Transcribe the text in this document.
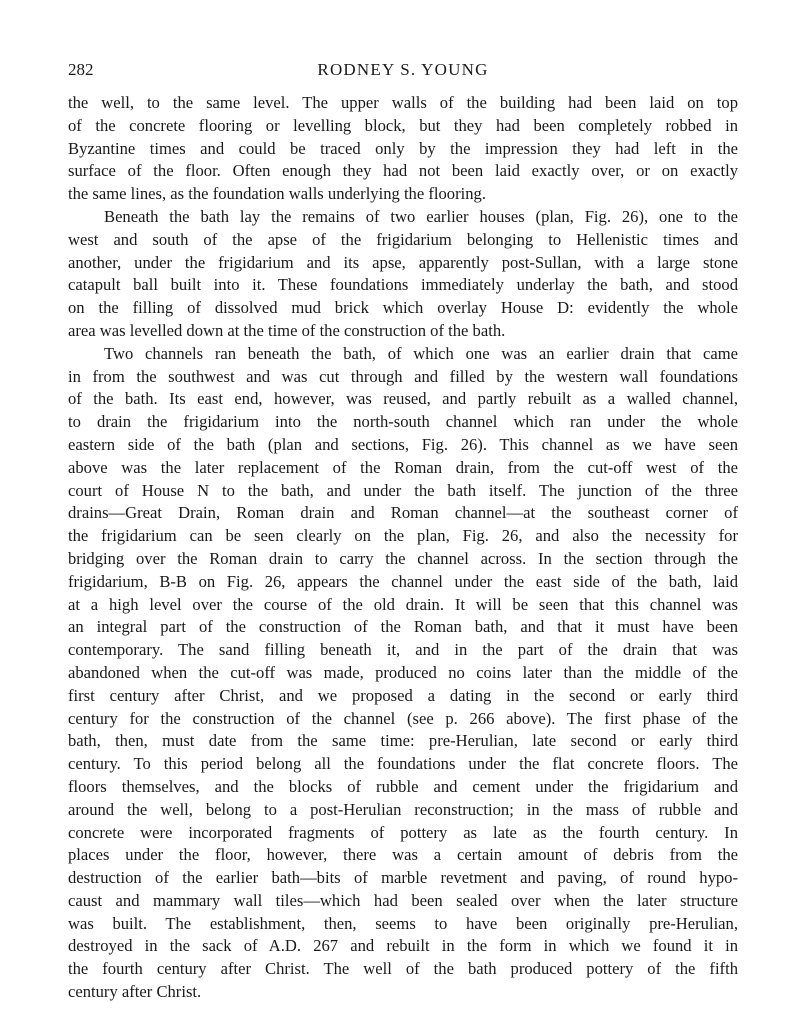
282	RODNEY S. YOUNG
the well, to the same level. The upper walls of the building had been laid on top
of the concrete flooring or levelling block, but they had been completely robbed in
Byzantine times and could be traced only by the impression they had left in the
surface of the floor. Often enough they had not been laid exactly over, or on exactly
the same lines, as the foundation walls underlying the flooring.
Beneath the bath lay the remains of two earlier houses (plan, Fig. 26), one to the
west and south of the apse of the frigidarium belonging to Hellenistic times and
another, under the frigidarium and its apse, apparently post-Sullan, with a large stone
catapult ball built into it. These foundations immediately underlay the bath, and stood
on the filling of dissolved mud brick which overlay House D: evidently the whole
area was levelled down at the time of the construction of the bath.
Two channels ran beneath the bath, of which one was an earlier drain that came
in from the southwest and was cut through and filled by the western wall foundations
of the bath. Its east end, however, was reused, and partly rebuilt as a walled channel,
to drain the frigidarium into the north-south channel which ran under the whole
eastern side of the bath (plan and sections, Fig. 26). This channel as we have seen
above was the later replacement of the Roman drain, from the cut-off west of the
court of House N to the bath, and under the bath itself. The junction of the three
drains—Great Drain, Roman drain and Roman channel—at the southeast corner of
the frigidarium can be seen clearly on the plan, Fig. 26, and also the necessity for
bridging over the Roman drain to carry the channel across. In the section through the
frigidarium, B-B on Fig. 26, appears the channel under the east side of the bath, laid
at a high level over the course of the old drain. It will be seen that this channel was
an integral part of the construction of the Roman bath, and that it must have been
contemporary. The sand filling beneath it, and in the part of the drain that was
abandoned when the cut-off was made, produced no coins later than the middle of the
first century after Christ, and we proposed a dating in the second or early third
century for the construction of the channel (see p. 266 above). The first phase of the
bath, then, must date from the same time: pre-Herulian, late second or early third
century. To this period belong all the foundations under the flat concrete floors. The
floors themselves, and the blocks of rubble and cement under the frigidarium and
around the well, belong to a post-Herulian reconstruction; in the mass of rubble and
concrete were incorporated fragments of pottery as late as the fourth century. In
places under the floor, however, there was a certain amount of debris from the
destruction of the earlier bath—bits of marble revetment and paving, of round hypo-
caust and mammary wall tiles—which had been sealed over when the later structure
was built. The establishment, then, seems to have been originally pre-Herulian,
destroyed in the sack of A.D. 267 and rebuilt in the form in which we found it in
the fourth century after Christ. The well of the bath produced pottery of the fifth
century after Christ.
